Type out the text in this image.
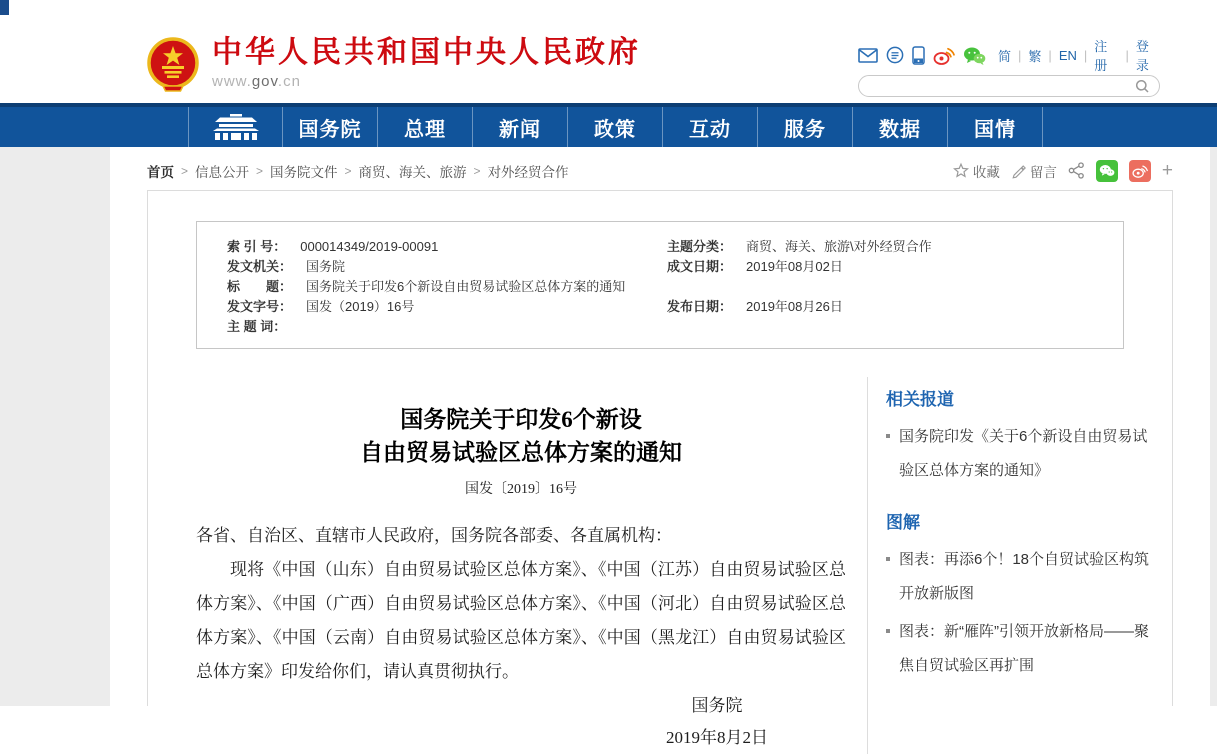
中华人民共和国中央人民政府
www.gov.cn
简 | 繁 | EN |
注册
|
登录
国务院	总理	新闻	政策	互动	服务	数据	国情
首页 > 信息公开 > 国务院文件 > 商贸、海关、旅游 > 对外经贸合作	收藏 留言	+
索 引 号： 000014349/2019-00091
发文机关： 国务院
标　　题： 国务院关于印发6个新设自由贸易试验区总体方案的通知
发文字号： 国发（2019）16号
主 题 词：
主题分类： 商贸、海关、旅游\对外经贸合作
成文日期： 2019年08月02日
发布日期： 2019年08月26日
国务院关于印发6个新设
自由贸易试验区总体方案的通知
国发〔2019〕16号

各省、自治区、直辖市人民政府，国务院各部委、各直属机构：

现将《中国（山东）自由贸易试验区总体方案》、《中国（江苏）自由贸易试验区总体方案》、《中国（广西）自由贸易试验区总体方案》、《中国（河北）自由贸易试验区总体方案》、《中国（云南）自由贸易试验区总体方案》、《中国（黑龙江）自由贸易试验区总体方案》印发给你们，请认真贯彻执行。

国务院
2019年8月2日
相关报道
国务院印发《关于6个新设自由贸易试验区总体方案的通知》
图解
图表：再添6个！18个自贸试验区构筑开放新版图
图表：新“雁阵”引领开放新格局——聚焦自贸试验区再扩围
